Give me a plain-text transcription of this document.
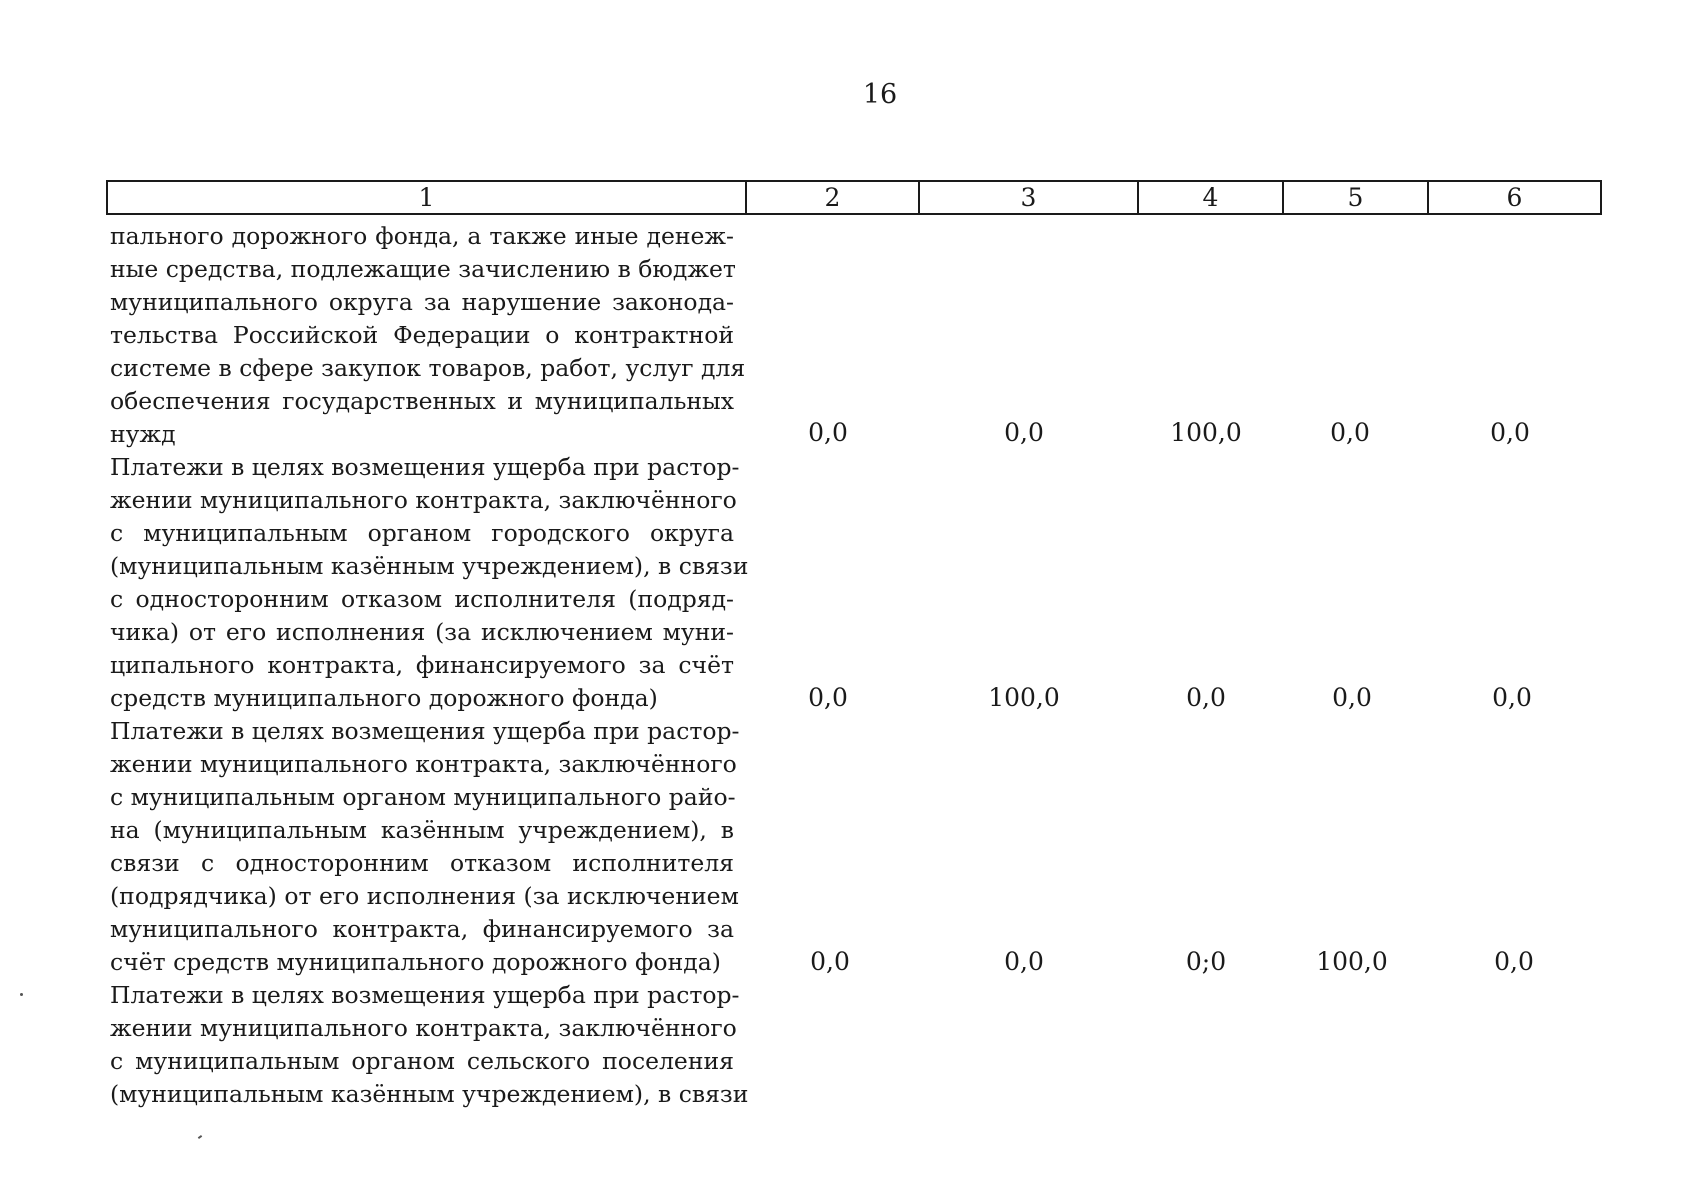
16
1	2	3	4	5	6
пального дорожного фонда, а также иные денеж-
ные средства, подлежащие зачислению в бюджет
муниципального округа за нарушение законода-
тельства Российской Федерации о контрактной
системе в сфере закупок товаров, работ, услуг для
обеспечения государственных и муниципальных
нужд	0,0	0,0	100,0	0,0	0,0
Платежи в целях возмещения ущерба при растор-
жении муниципального контракта, заключённого
с муниципальным органом городского округа
(муниципальным казённым учреждением), в связи
с односторонним отказом исполнителя (подряд-
чика) от его исполнения (за исключением муни-
ципального контракта, финансируемого за счёт
средств муниципального дорожного фонда)	0,0	100,0	0,0	0,0	0,0
Платежи в целях возмещения ущерба при растор-
жении муниципального контракта, заключённого
с муниципальным органом муниципального райо-
на (муниципальным казённым учреждением), в
связи с односторонним отказом исполнителя
(подрядчика) от его исполнения (за исключением
муниципального контракта, финансируемого за
счёт средств муниципального дорожного фонда)	0,0	0,0	0;0	100,0	0,0
Платежи в целях возмещения ущерба при растор-
жении муниципального контракта, заключённого
с муниципальным органом сельского поселения
(муниципальным казённым учреждением), в связи
